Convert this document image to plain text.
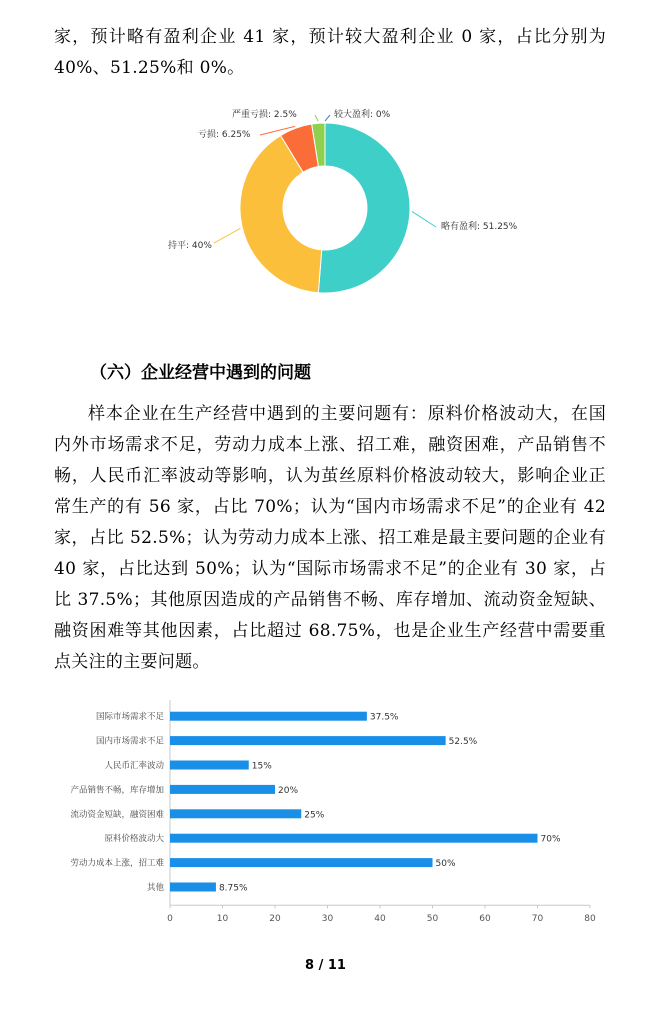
家，预计略有盈利企业 41 家，预计较大盈利企业 0 家，占比分别为 40%、51.25%和 0%。

略有盈利: 51.25%
持平: 40%
亏损: 6.25%
严重亏损: 2.5%	较大盈利: 0%
（六）企业经营中遇到的问题

样本企业在生产经营中遇到的主要问题有：原料价格波动大，在国内外市场需求不足，劳动力成本上涨、招工难，融资困难，产品销售不畅，人民币汇率波动等影响，认为茧丝原料价格波动较大，影响企业正常生产的有 56 家，占比 70%；认为“国内市场需求不足”的企业有 42 家，占比 52.5%；认为劳动力成本上涨、招工难是最主要问题的企业有 40 家，占比达到 50%；认为“国际市场需求不足”的企业有 30 家，占比 37.5%；其他原因造成的产品销售不畅、库存增加、流动资金短缺、融资困难等其他因素，占比超过 68.75%，也是企业生产经营中需要重点关注的主要问题。

0	10	20	30	40	50	60	70	80
国际市场需求不足	37.5%
国内市场需求不足	52.5%
人民币汇率波动	15%
产品销售不畅，库存增加	20%
流动资金短缺，融资困难	25%
原料价格波动大	70%
劳动力成本上涨，招工难	50%
其他	8.75%
8 / 11
